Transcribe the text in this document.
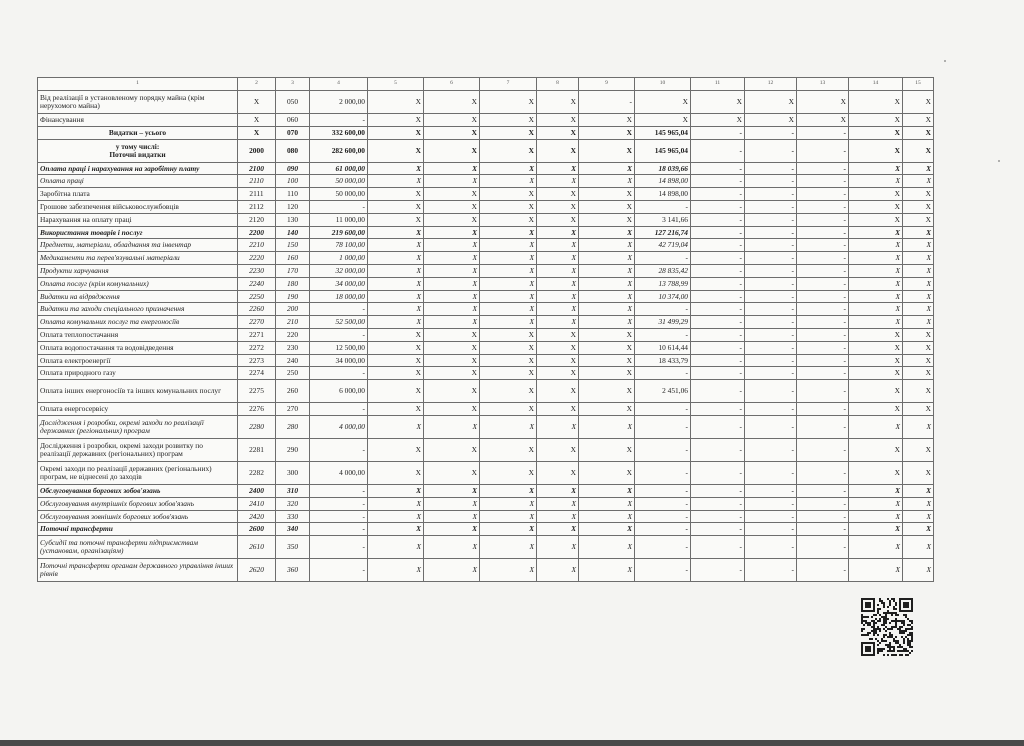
1	2	3	4	5	6	7	8	9	10	11	12	13	14	15
Від реалізації в установленому порядку майна (крім нерухомого майна)	X	050	2 000,00	X	X	X	X	-	X	X	X	X	X	X
Фінансування	X	060	-	X	X	X	X	X	X	X	X	X	X	X
Видатки – усього	X	070	332 600,00	X	X	X	X	X	145 965,04	-	-	-	X	X
у тому числі:
Поточні видатки	2000	080	282 600,00	X	X	X	X	X	145 965,04	-	-	-	X	X
Оплата праці і нарахування на заробітну плату	2100	090	61 000,00	X	X	X	X	X	18 039,66	-	-	-	X	X
Оплата праці	2110	100	50 000,00	X	X	X	X	X	14 898,00	-	-	-	X	X
Заробітна плата	2111	110	50 000,00	X	X	X	X	X	14 898,00	-	-	-	X	X
Грошове забезпечення військовослужбовців	2112	120	-	X	X	X	X	X	-	-	-	-	X	X
Нарахування на оплату праці	2120	130	11 000,00	X	X	X	X	X	3 141,66	-	-	-	X	X
Використання товарів і послуг	2200	140	219 600,00	X	X	X	X	X	127 216,74	-	-	-	X	X
Предмети, матеріали, обладнання та інвентар	2210	150	78 100,00	X	X	X	X	X	42 719,04	-	-	-	X	X
Медикаменти та перев'язувальні матеріали	2220	160	1 000,00	X	X	X	X	X	-	-	-	-	X	X
Продукти харчування	2230	170	32 000,00	X	X	X	X	X	28 835,42	-	-	-	X	X
Оплата послуг (крім комунальних)	2240	180	34 000,00	X	X	X	X	X	13 788,99	-	-	-	X	X
Видатки на відрядження	2250	190	18 000,00	X	X	X	X	X	10 374,00	-	-	-	X	X
Видатки та заходи спеціального призначення	2260	200	-	X	X	X	X	X	-	-	-	-	X	X
Оплата комунальних послуг та енергоносіїв	2270	210	52 500,00	X	X	X	X	X	31 499,29	-	-	-	X	X
Оплата теплопостачання	2271	220	-	X	X	X	X	X	-	-	-	-	X	X
Оплата водопостачання та водовідведення	2272	230	12 500,00	X	X	X	X	X	10 614,44	-	-	-	X	X
Оплата електроенергії	2273	240	34 000,00	X	X	X	X	X	18 433,79	-	-	-	X	X
Оплата природного газу	2274	250	-	X	X	X	X	X	-	-	-	-	X	X
Оплата інших енергоносіїв та інших комунальних послуг	2275	260	6 000,00	X	X	X	X	X	2 451,06	-	-	-	X	X
Оплата енергосервісу	2276	270	-	X	X	X	X	X	-	-	-	-	X	X
Дослідження і розробки, окремі заходи по реалізації державних (регіональних) програм	2280	280	4 000,00	X	X	X	X	X	-	-	-	-	X	X
Дослідження і розробки, окремі заходи розвитку по реалізації державних (регіональних) програм	2281	290	-	X	X	X	X	X	-	-	-	-	X	X
Окремі заходи по реалізації державних (регіональних) програм, не віднесені до заходів	2282	300	4 000,00	X	X	X	X	X	-	-	-	-	X	X
Обслуговування боргових зобов'язань	2400	310	-	X	X	X	X	X	-	-	-	-	X	X
Обслуговування внутрішніх боргових зобов'язань	2410	320	-	X	X	X	X	X	-	-	-	-	X	X
Обслуговування зовнішніх боргових зобов'язань	2420	330	-	X	X	X	X	X	-	-	-	-	X	X
Поточні трансферти	2600	340	-	X	X	X	X	X	-	-	-	-	X	X
Субсидії та поточні трансферти підприємствам (установам, організаціям)	2610	350	-	X	X	X	X	X	-	-	-	-	X	X
Поточні трансферти органам державного управління інших рівнів	2620	360	-	X	X	X	X	X	-	-	-	-	X	X
